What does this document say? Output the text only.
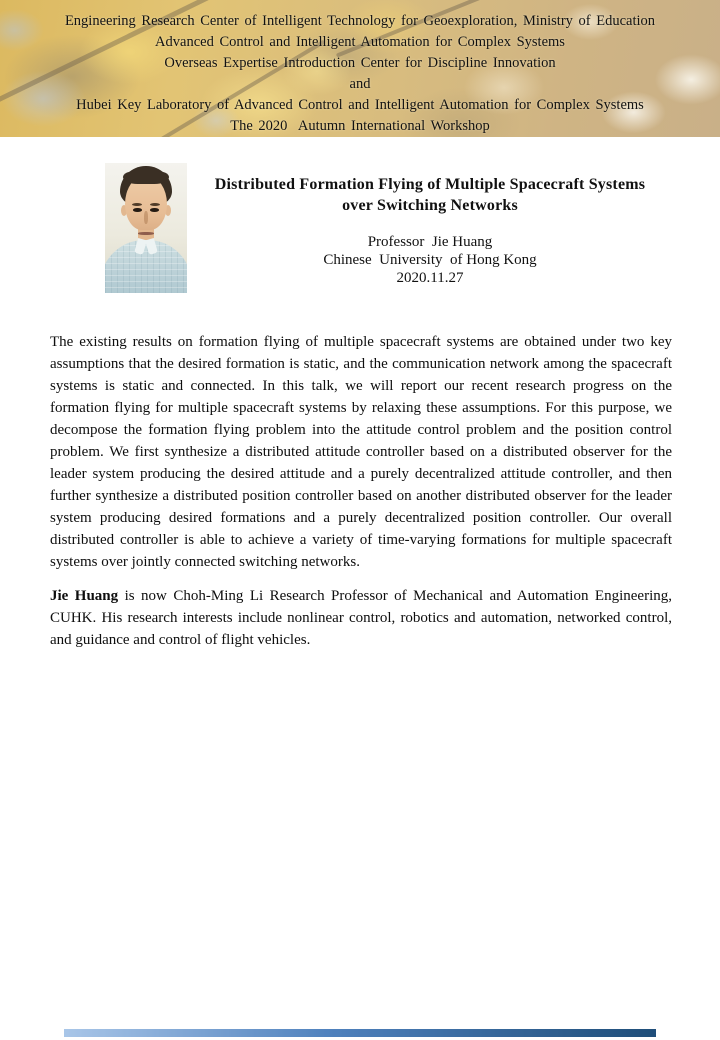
Engineering Research Center of Intelligent Technology for Geoexploration, Ministry of Education
Advanced Control and Intelligent Automation for Complex Systems
Overseas Expertise Introduction Center for Discipline Innovation
and
Hubei Key Laboratory of Advanced Control and Intelligent Automation for Complex Systems
The 2020  Autumn International Workshop
Distributed Formation Flying of Multiple Spacecraft Systems
over Switching Networks
Professor  Jie Huang
Chinese  University  of Hong Kong
2020.11.27

The existing results on formation flying of multiple spacecraft systems are obtained under two key assumptions that the desired formation is static, and the communication network among the spacecraft systems is static and connected. In this talk, we will report our recent research progress on the formation flying for multiple spacecraft systems by relaxing these assumptions. For this purpose, we decompose the formation flying problem into the attitude control problem and the position control problem. We first synthesize a distributed attitude controller based on a distributed observer for the leader system producing the desired attitude and a purely decentralized attitude controller, and then further synthesize a distributed position controller based on another distributed observer for the leader system producing desired formations and a purely decentralized position controller. Our overall distributed controller is able to achieve a variety of time-varying formations for multiple spacecraft systems over jointly connected switching networks.

Jie Huang is now Choh-Ming Li Research Professor of Mechanical and Automation Engineering, CUHK. His research interests include nonlinear control, robotics and automation, networked control, and guidance and control of flight vehicles.
